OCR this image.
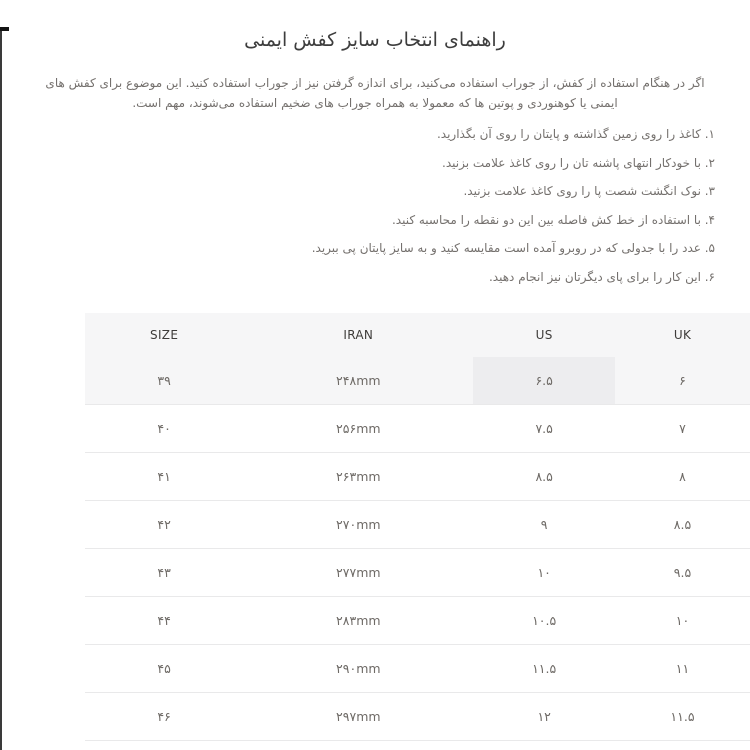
راهنمای انتخاب سایز کفش ایمنی

اگر در هنگام استفاده از کفش، از جوراب استفاده می‌کنید، برای اندازه گرفتن نیز از جوراب استفاده کنید. این موضوع برای کفش های ایمنی یا کوهنوردی و پوتین ها که معمولا به همراه جوراب های ضخیم استفاده می‌شوند، مهم است.

۱. کاغذ را روی زمین گذاشته و پایتان را روی آن بگذارید.
۲. با خودکار انتهای پاشنه تان را روی کاغذ علامت بزنید.
۳. نوک انگشت شصت پا را روی کاغذ علامت بزنید.
۴. با استفاده از خط کش فاصله بین این دو نقطه را محاسبه کنید.
۵. عدد را با جدولی که در روبرو آمده است مقایسه کنید و به سایز پایتان پی ببرید.
۶. این کار را برای پای دیگرتان نیز انجام دهید.
SIZE	IRAN	US	UK
۳۹	۲۴۸mm	۶.۵	۶
۴۰	۲۵۶mm	۷.۵	۷
۴۱	۲۶۳mm	۸.۵	۸
۴۲	۲۷۰mm	۹	۸.۵
۴۳	۲۷۷mm	۱۰	۹.۵
۴۴	۲۸۳mm	۱۰.۵	۱۰
۴۵	۲۹۰mm	۱۱.۵	۱۱
۴۶	۲۹۷mm	۱۲	۱۱.۵
